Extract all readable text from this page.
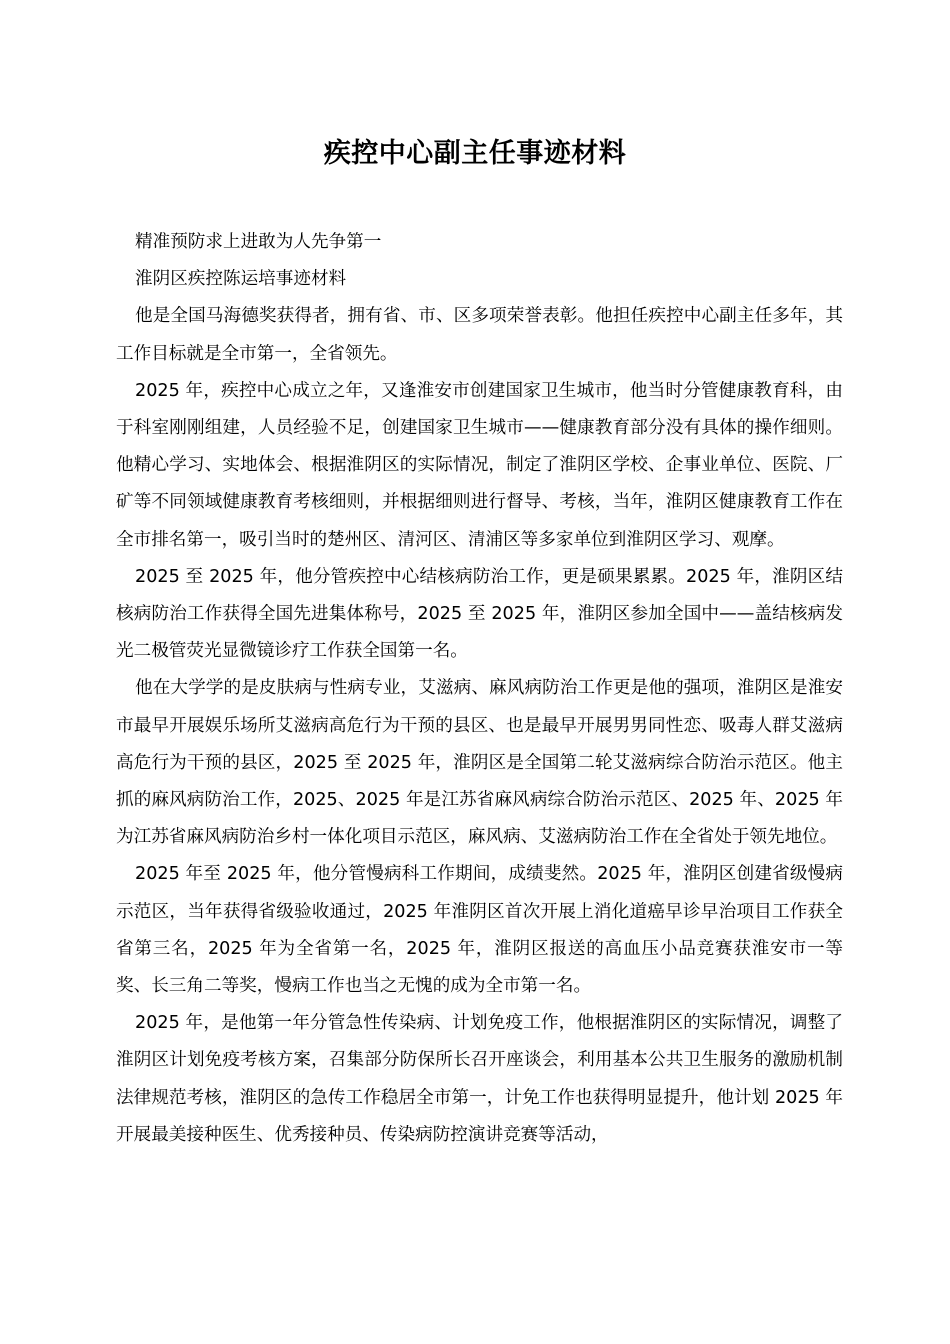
疾控中心副主任事迹材料

精准预防求上进敢为人先争第一

淮阴区疾控陈运培事迹材料

他是全国马海德奖获得者，拥有省、市、区多项荣誉表彰。他担任疾控中心副主任多年，其工作目标就是全市第一，全省领先。

2025 年，疾控中心成立之年，又逢淮安市创建国家卫生城市，他当时分管健康教育科，由于科室刚刚组建，人员经验不足，创建国家卫生城市——健康教育部分没有具体的操作细则。他精心学习、实地体会、根据淮阴区的实际情况，制定了淮阴区学校、企事业单位、医院、厂矿等不同领域健康教育考核细则，并根据细则进行督导、考核，当年，淮阴区健康教育工作在全市排名第一，吸引当时的楚州区、清河区、清浦区等多家单位到淮阴区学习、观摩。

2025 至 2025 年，他分管疾控中心结核病防治工作，更是硕果累累。2025 年，淮阴区结核病防治工作获得全国先进集体称号，2025 至 2025 年，淮阴区参加全国中——盖结核病发光二极管荧光显微镜诊疗工作获全国第一名。

他在大学学的是皮肤病与性病专业，艾滋病、麻风病防治工作更是他的强项，淮阴区是淮安市最早开展娱乐场所艾滋病高危行为干预的县区、也是最早开展男男同性恋、吸毒人群艾滋病高危行为干预的县区，2025 至 2025 年，淮阴区是全国第二轮艾滋病综合防治示范区。他主抓的麻风病防治工作，2025、2025 年是江苏省麻风病综合防治示范区、2025 年、2025 年为江苏省麻风病防治乡村一体化项目示范区，麻风病、艾滋病防治工作在全省处于领先地位。

2025 年至 2025 年，他分管慢病科工作期间，成绩斐然。2025 年，淮阴区创建省级慢病示范区，当年获得省级验收通过，2025 年淮阴区首次开展上消化道癌早诊早治项目工作获全省第三名，2025 年为全省第一名，2025 年，淮阴区报送的高血压小品竞赛获淮安市一等奖、长三角二等奖，慢病工作也当之无愧的成为全市第一名。

2025 年，是他第一年分管急性传染病、计划免疫工作，他根据淮阴区的实际情况，调整了淮阴区计划免疫考核方案，召集部分防保所长召开座谈会，利用基本公共卫生服务的激励机制法律规范考核，淮阴区的急传工作稳居全市第一，计免工作也获得明显提升，他计划 2025 年开展最美接种医生、优秀接种员、传染病防控演讲竞赛等活动，
